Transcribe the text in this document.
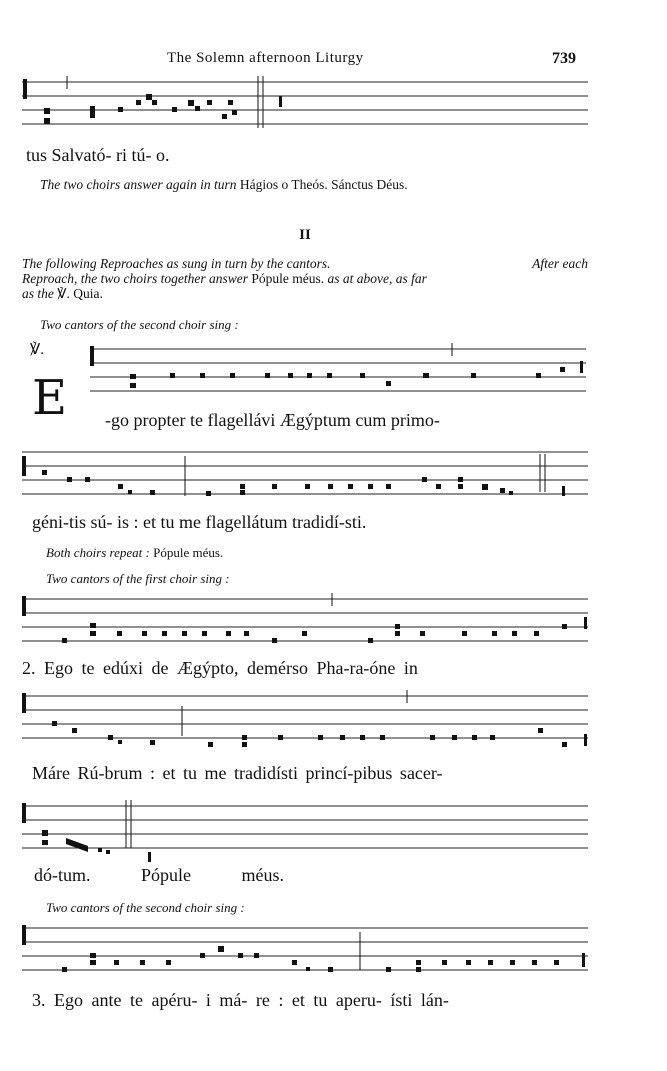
The Solemn afternoon Liturgy	739
tus Salvató- ri tú- o.
The two choirs answer again in turn Hágios o Theós. Sánctus Déus.
II
The following Reproaches as sung in turn by the cantors.	After each
Reproach, the two choirs together answer Pópule méus. as at above, as far
as the ℣. Quia.
Two cantors of the second choir sing :
℣.
E -go propter te flagellávi Ægýptum cum primo-
géni-tis sú- is : et tu me flagellátum tradidí-sti.
Both choirs repeat : Pópule méus.
Two cantors of the first choir sing :
2. Ego te edúxi de Ægýpto, demérso Pha-ra-óne in
Máre Rú-brum : et tu me tradidísti princí-pibus sacer-
dó-tum. Pópule méus.
Two cantors of the second choir sing :
3. Ego ante te apéru- i má- re : et tu aperu- ísti lán-
